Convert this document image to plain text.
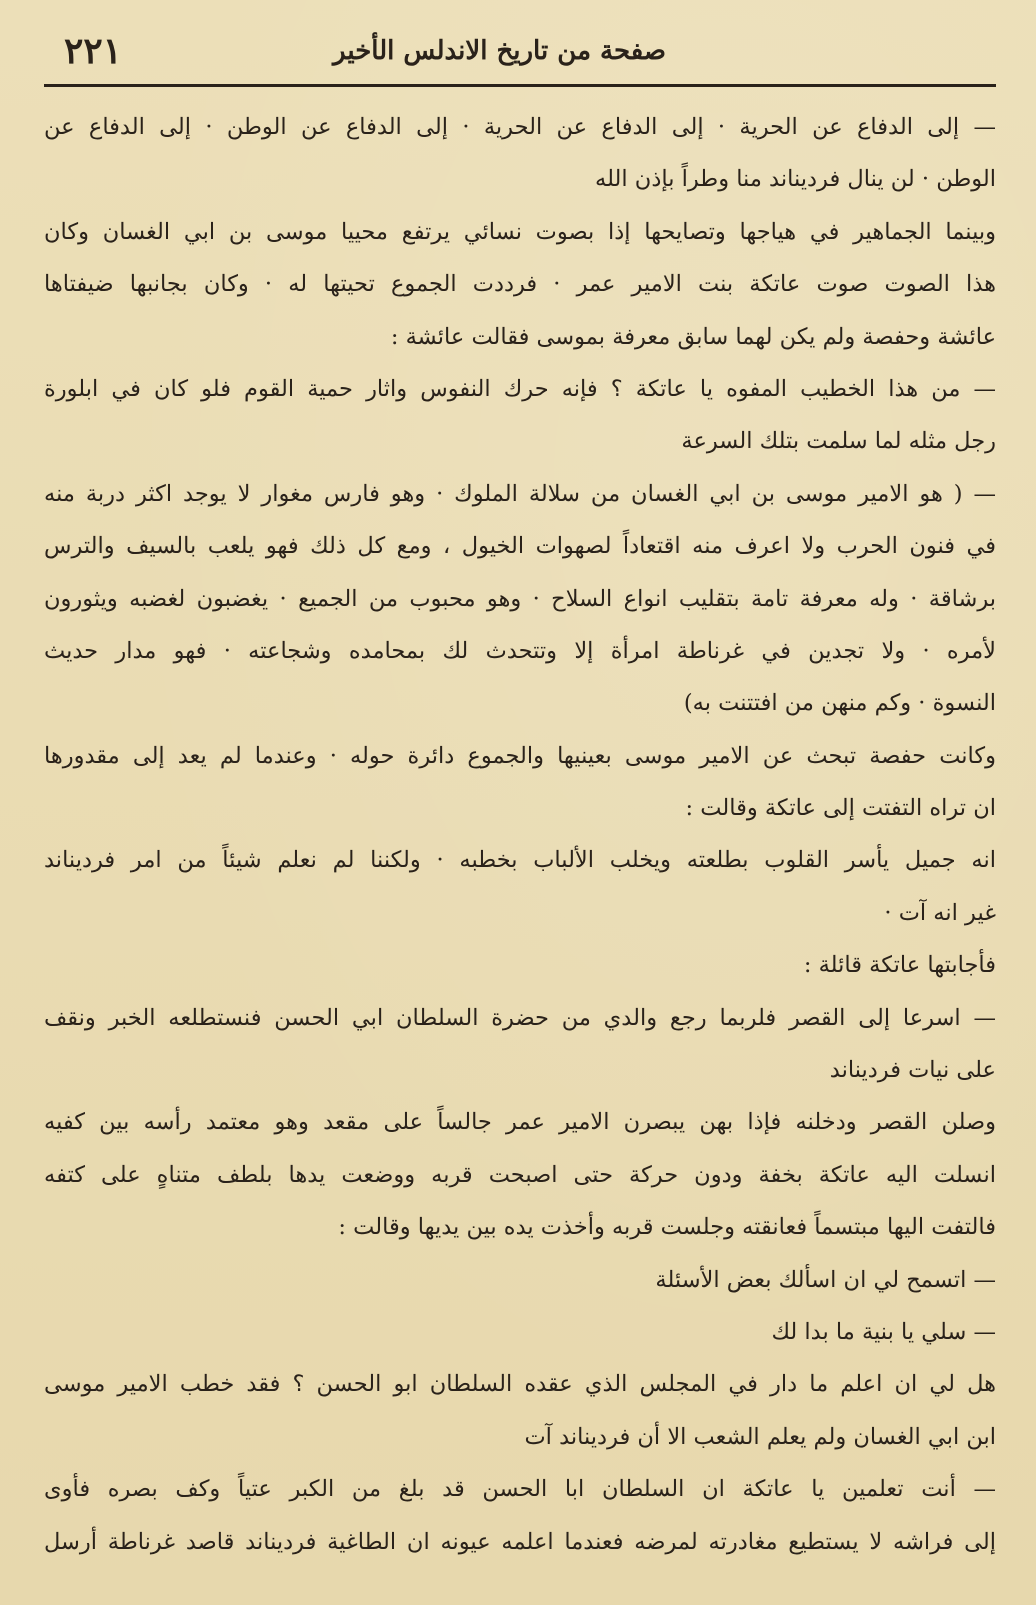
صفحة من تاريخ الاندلس الأخير
٢٢١
— إلى الدفاع عن الحرية · إلى الدفاع عن الحرية · إلى الدفاع عن الوطن · إلى الدفاع عن
الوطن · لن ينال فرديناند منا وطراً بإذن الله
وبينما الجماهير في هياجها وتصايحها إذا بصوت نسائي يرتفع محييا موسى بن ابي الغسان وكان
هذا الصوت صوت عاتكة بنت الامير عمر · فرددت الجموع تحيتها له · وكان بجانبها ضيفتاها
عائشة وحفصة ولم يكن لهما سابق معرفة بموسى فقالت عائشة :
— من هذا الخطيب المفوه يا عاتكة ؟ فإنه حرك النفوس واثار حمية القوم فلو كان في ابلورة
رجل مثله لما سلمت بتلك السرعة
— ( هو الامير موسى بن ابي الغسان من سلالة الملوك · وهو فارس مغوار لا يوجد اكثر دربة منه
في فنون الحرب ولا اعرف منه اقتعاداً لصهوات الخيول ، ومع كل ذلك فهو يلعب بالسيف والترس
برشاقة · وله معرفة تامة بتقليب انواع السلاح · وهو محبوب من الجميع · يغضبون لغضبه ويثورون
لأمره · ولا تجدين في غرناطة امرأة إلا وتتحدث لك بمحامده وشجاعته · فهو مدار حديث
النسوة · وكم منهن من افتتنت به)
وكانت حفصة تبحث عن الامير موسى بعينيها والجموع دائرة حوله · وعندما لم يعد إلى مقدورها
ان تراه التفتت إلى عاتكة وقالت :
انه جميل يأسر القلوب بطلعته ويخلب الألباب بخطبه · ولكننا لم نعلم شيئاً من امر فرديناند
غير انه آت ·
فأجابتها عاتكة قائلة :
— اسرعا إلى القصر فلربما رجع والدي من حضرة السلطان ابي الحسن فنستطلعه الخبر ونقف
على نيات فرديناند
وصلن القصر ودخلنه فإذا بهن يبصرن الامير عمر جالساً على مقعد وهو معتمد رأسه بين كفيه
انسلت اليه عاتكة بخفة ودون حركة حتى اصبحت قربه ووضعت يدها بلطف متناهٍ على كتفه
فالتفت اليها مبتسماً فعانقته وجلست قربه وأخذت يده بين يديها وقالت :
— اتسمح لي ان اسألك بعض الأسئلة
— سلي يا بنية ما بدا لك
هل لي ان اعلم ما دار في المجلس الذي عقده السلطان ابو الحسن ؟ فقد خطب الامير موسى
ابن ابي الغسان ولم يعلم الشعب الا أن فرديناند آت
— أنت تعلمين يا عاتكة ان السلطان ابا الحسن قد بلغ من الكبر عتياً وكف بصره فأوى
إلى فراشه لا يستطيع مغادرته لمرضه فعندما اعلمه عيونه ان الطاغية فرديناند قاصد غرناطة أرسل
